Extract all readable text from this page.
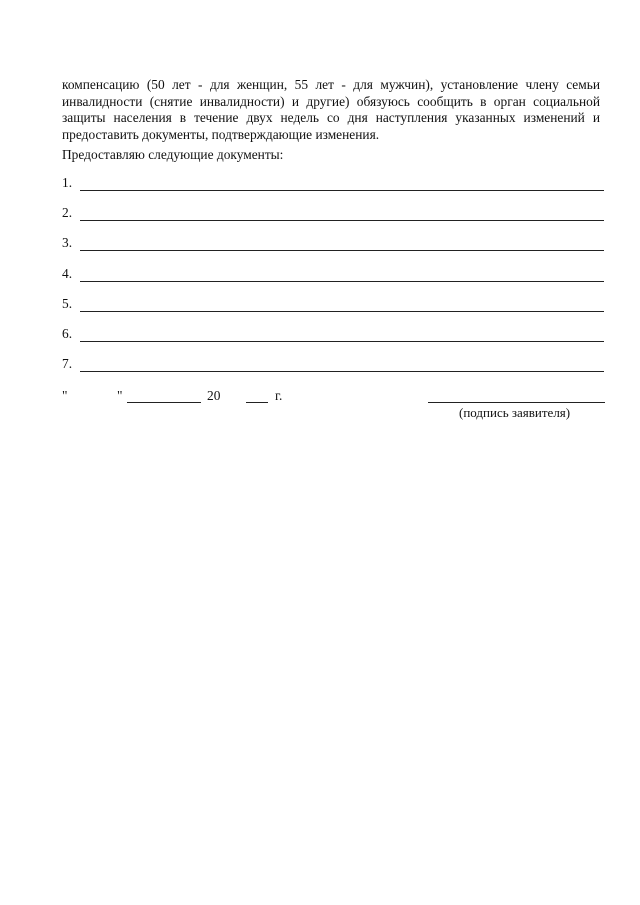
компенсацию (50 лет - для женщин, 55 лет - для мужчин), установление члену семьи инвалидности (снятие инвалидности) и другие) обязуюсь сообщить в орган социальной защиты населения в течение двух недель со дня наступления указанных изменений и предоставить документы, подтверждающие изменения.

Предоставляю следующие документы:

1.
2.
3.
4.
5.
6.
7.
"	"	20	г.
(подпись заявителя)
